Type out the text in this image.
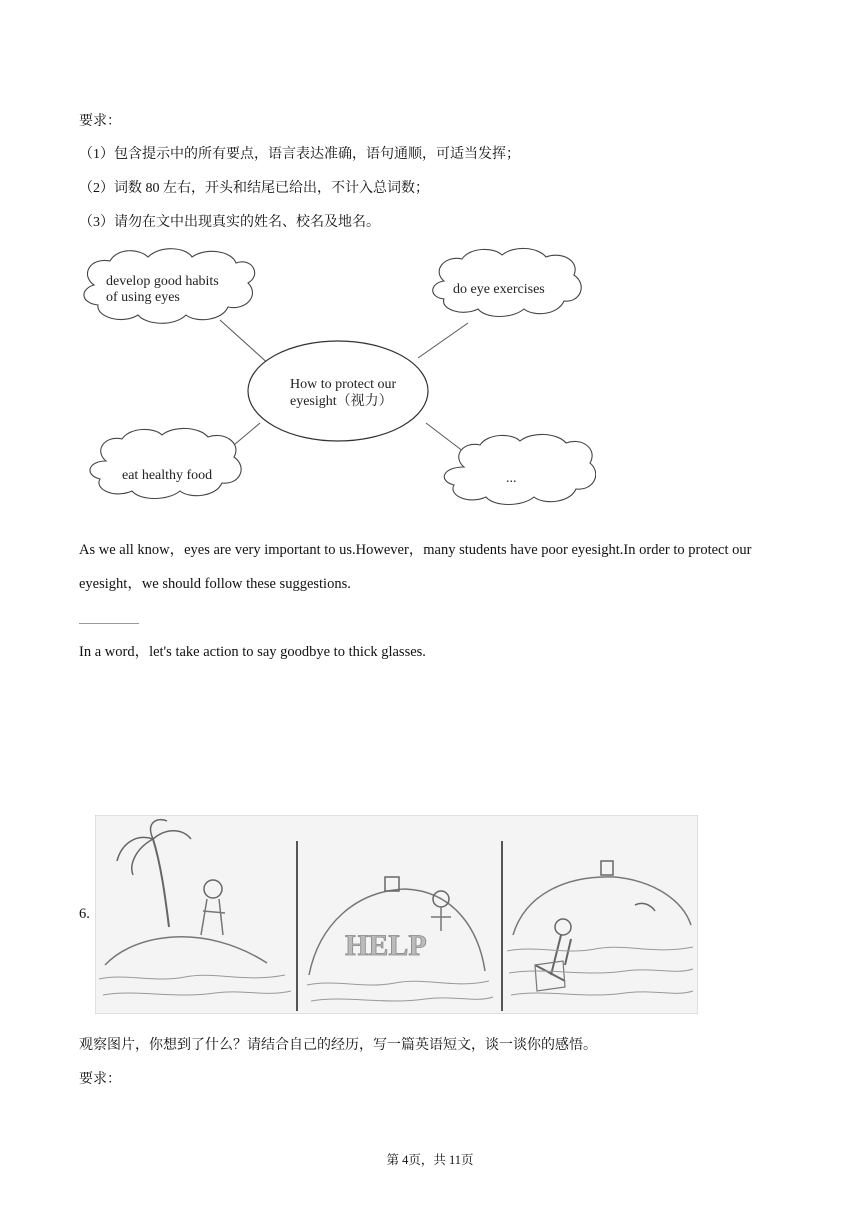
要求：
（1）包含提示中的所有要点，语言表达准确，语句通顺，可适当发挥；
（2）词数 80 左右，开头和结尾已给出，不计入总词数；
（3）请勿在文中出现真实的姓名、校名及地名。
How to protect our
eyesight（视力）
develop good habits
of using eyes
do eye exercises
eat healthy food	...
As we all know，eyes are very important to us.However，many students have poor eyesight.In order to protect our
eyesight，we should follow these suggestions.
In a word，let's take action to say goodbye to thick glasses.
6.
HELP
观察图片，你想到了什么？请结合自己的经历，写一篇英语短文，谈一谈你的感悟。
要求：
第 4页，共 11页
